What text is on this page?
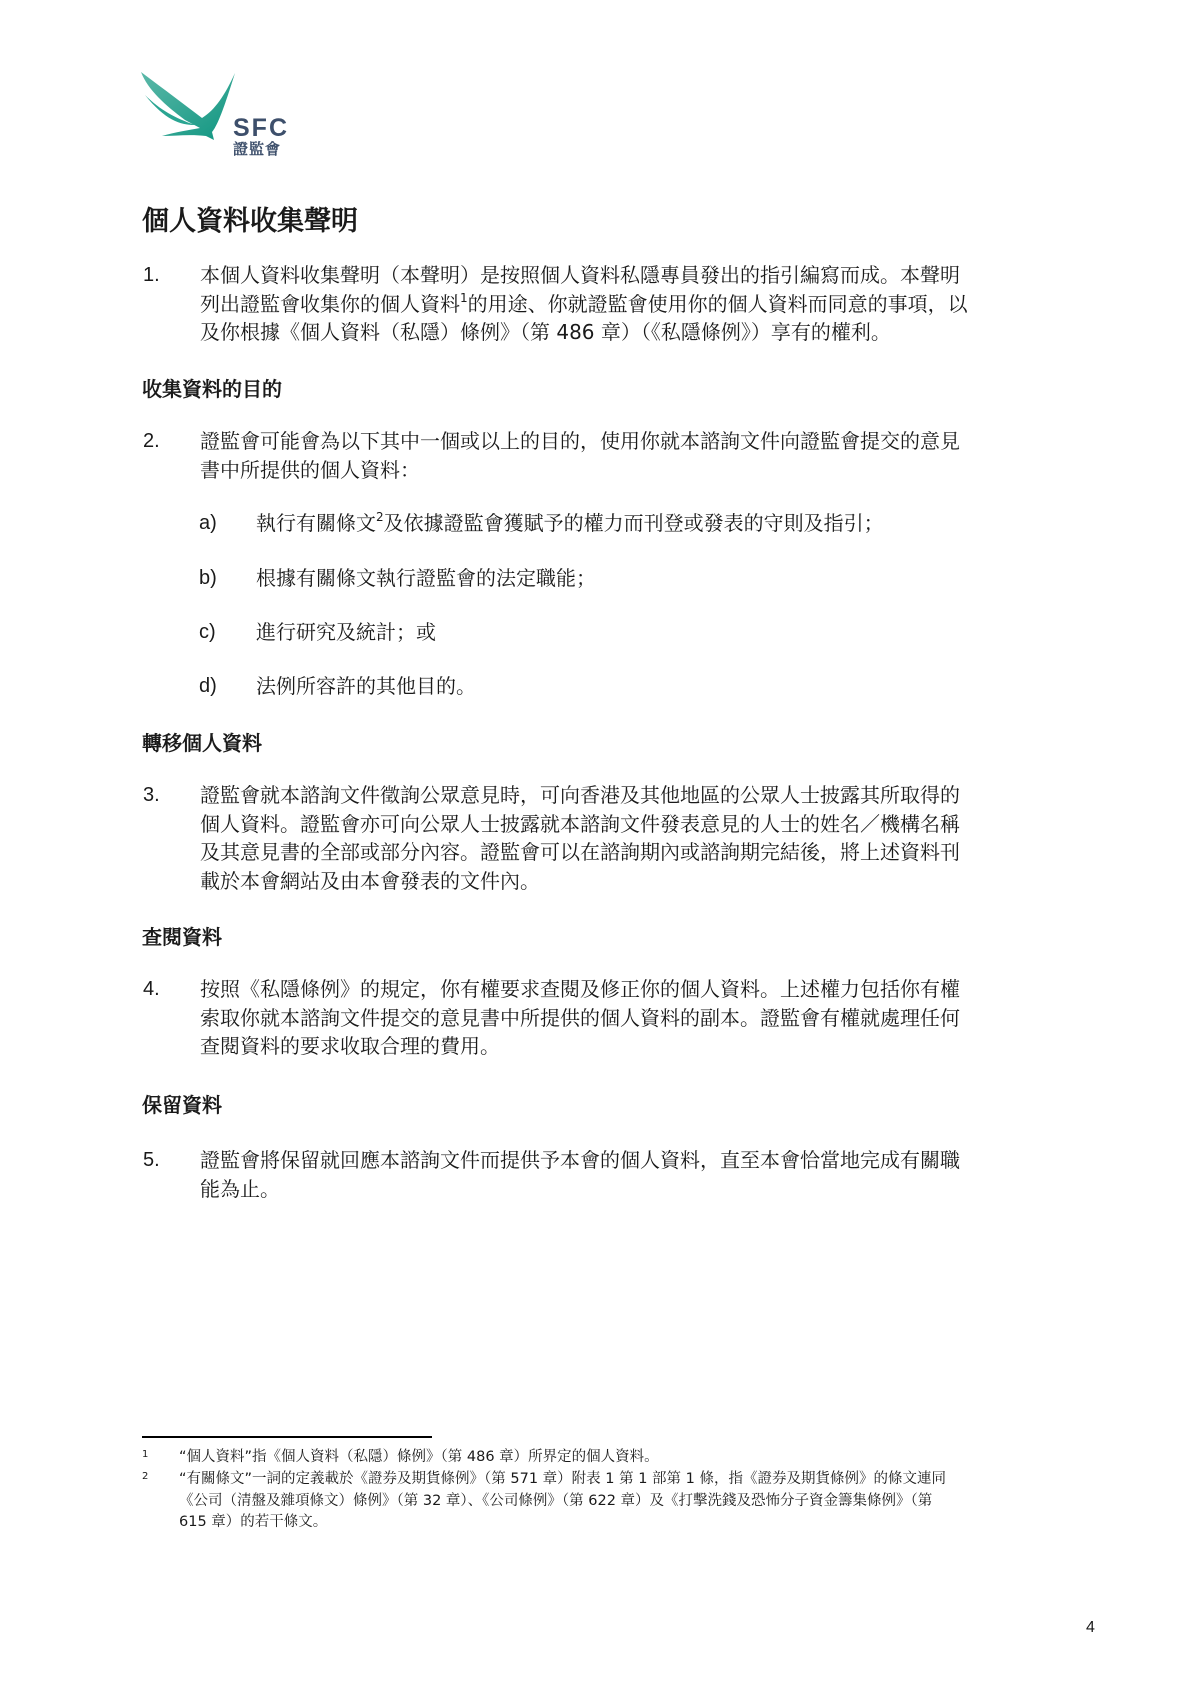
SFC
證監會
個人資料收集聲明
1. 本個人資料收集聲明（本聲明）是按照個人資料私隱專員發出的指引編寫而成。本聲明
列出證監會收集你的個人資料$^1$的用途、你就證監會使用你的個人資料而同意的事項，以
及你根據《個人資料（私隱）條例》（第 486 章）（《私隱條例》）享有的權利。
收集資料的目的
2. 證監會可能會為以下其中一個或以上的目的，使用你就本諮詢文件向證監會提交的意見
書中所提供的個人資料：
a) 執行有關條文$^2$及依據證監會獲賦予的權力而刊登或發表的守則及指引；
b) 根據有關條文執行證監會的法定職能；
c) 進行研究及統計；或
d) 法例所容許的其他目的。
轉移個人資料
3. 證監會就本諮詢文件徵詢公眾意見時，可向香港及其他地區的公眾人士披露其所取得的
個人資料。證監會亦可向公眾人士披露就本諮詢文件發表意見的人士的姓名／機構名稱
及其意見書的全部或部分內容。證監會可以在諮詢期內或諮詢期完結後，將上述資料刊
載於本會網站及由本會發表的文件內。
查閱資料
4. 按照《私隱條例》的規定，你有權要求查閱及修正你的個人資料。上述權力包括你有權
索取你就本諮詢文件提交的意見書中所提供的個人資料的副本。證監會有權就處理任何
查閱資料的要求收取合理的費用。
保留資料
5. 證監會將保留就回應本諮詢文件而提供予本會的個人資料，直至本會恰當地完成有關職
能為止。
1 “個人資料”指《個人資料（私隱）條例》（第 486 章）所界定的個人資料。
2 “有關條文”一詞的定義載於《證券及期貨條例》（第 571 章）附表 1 第 1 部第 1 條，指《證券及期貨條例》的條文連同
《公司（清盤及雜項條文）條例》（第 32 章）、《公司條例》（第 622 章）及《打擊洗錢及恐怖分子資金籌集條例》（第
615 章）的若干條文。
4
